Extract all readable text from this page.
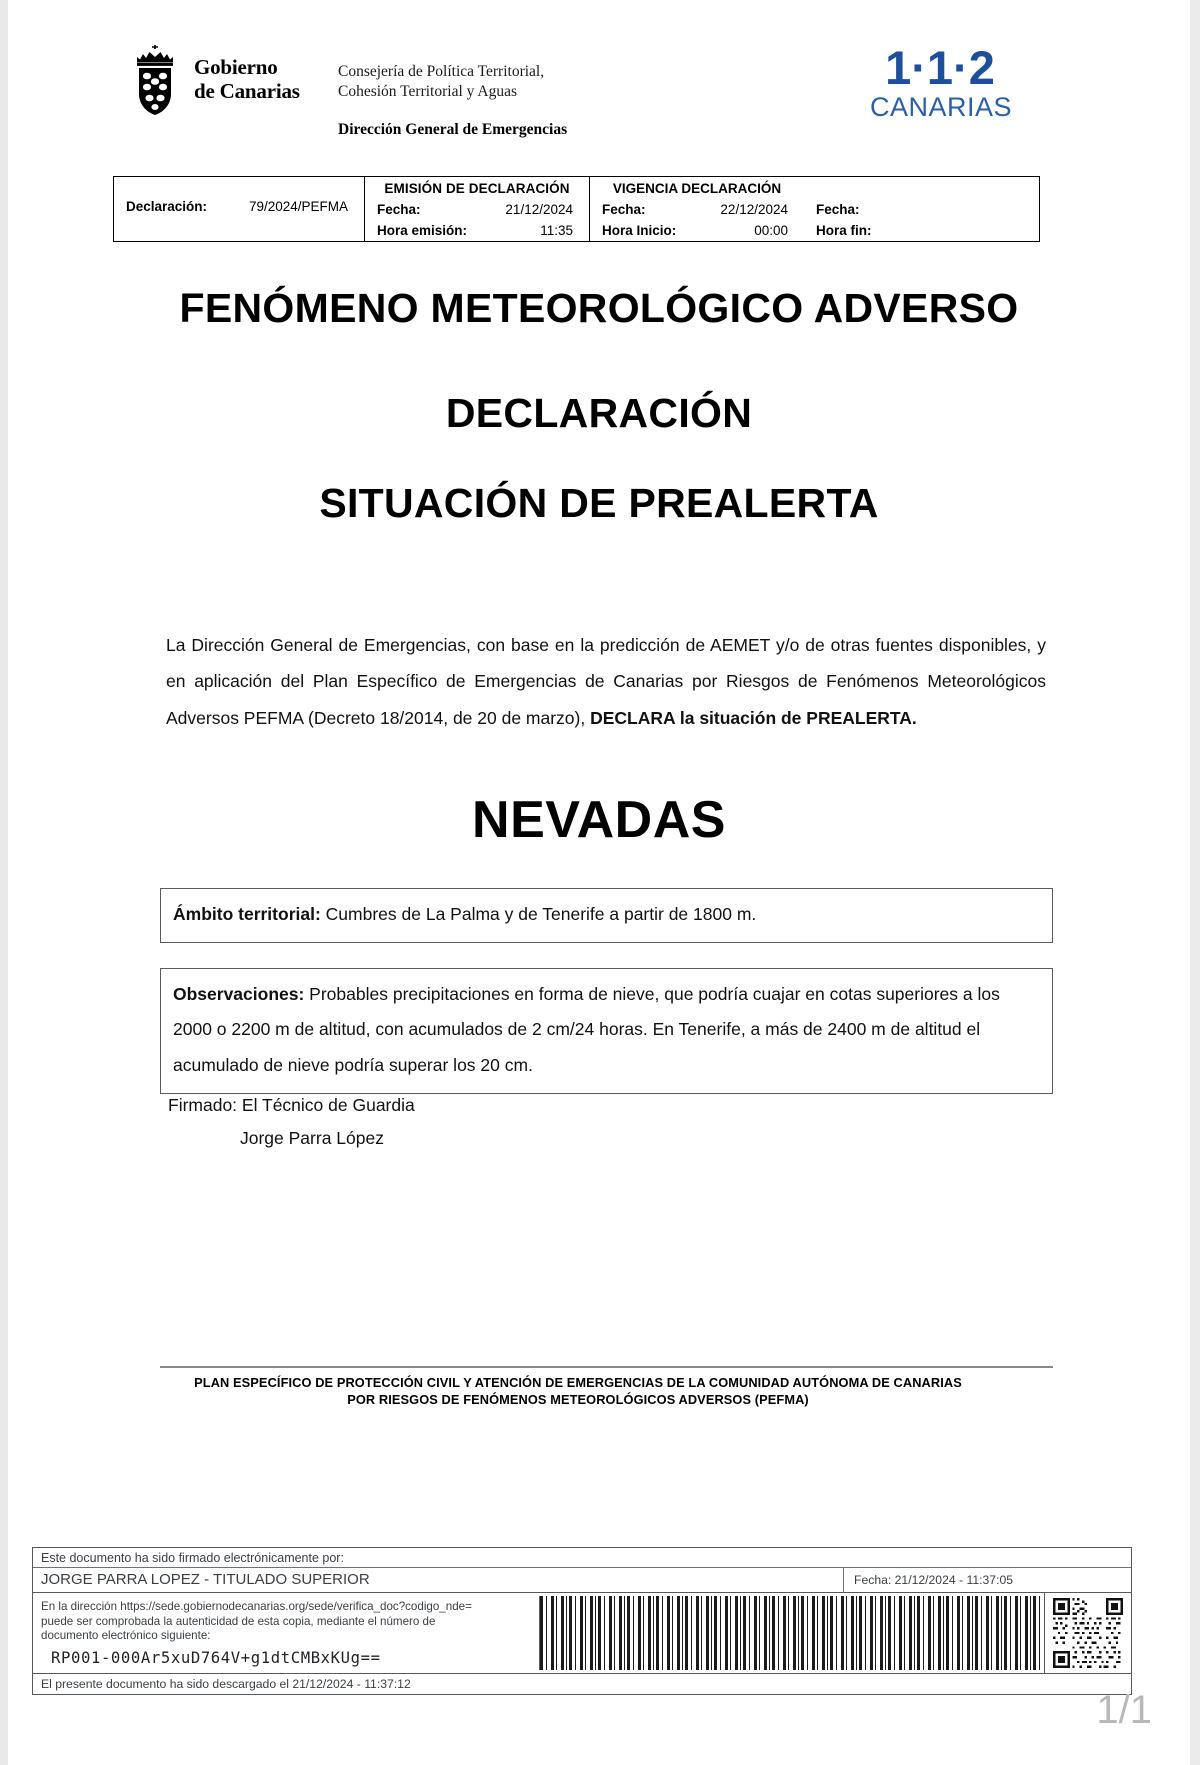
Gobierno
de Canarias
Consejería de Política Territorial,
Cohesión Territorial y Aguas
Dirección General de Emergencias
1·1·2
CANARIAS
Declaración:	79/2024/PEFMA
EMISIÓN DE DECLARACIÓN
Fecha:	21/12/2024
Hora emisión:	11:35
VIGENCIA DECLARACIÓN
Fecha:	22/12/2024
Hora Inicio:	00:00

Fecha:
Hora fin:
FENÓMENO METEOROLÓGICO ADVERSO
DECLARACIÓN
SITUACIÓN DE PREALERTA
La Dirección General de Emergencias, con base en la predicción de AEMET y/o de otras fuentes disponibles, y en aplicación del Plan Específico de Emergencias de Canarias por Riesgos de Fenómenos Meteorológicos Adversos PEFMA (Decreto 18/2014, de 20 de marzo), DECLARA la situación de PREALERTA.
NEVADAS
Ámbito territorial: Cumbres de La Palma y de Tenerife a partir de 1800 m.
Observaciones: Probables precipitaciones en forma de nieve, que podría cuajar en cotas superiores a los 2000 o 2200 m de altitud, con acumulados de 2 cm/24 horas. En Tenerife, a más de 2400 m de altitud el acumulado de nieve podría superar los 20 cm.
Firmado: El Técnico de Guardia
Jorge Parra López
PLAN ESPECÍFICO DE PROTECCIÓN CIVIL Y ATENCIÓN DE EMERGENCIAS DE LA COMUNIDAD AUTÓNOMA DE CANARIAS
POR RIESGOS DE FENÓMENOS METEOROLÓGICOS ADVERSOS (PEFMA)
Este documento ha sido firmado electrónicamente por:
JORGE PARRA LOPEZ - TITULADO SUPERIOR	Fecha: 21/12/2024 - 11:37:05
En la dirección https://sede.gobiernodecanarias.org/sede/verifica_doc?codigo_nde=
puede ser comprobada la autenticidad de esta copia, mediante el número de
documento electrónico siguiente:
RP001-000Ar5xuD764V+g1dtCMBxKUg==
El presente documento ha sido descargado el 21/12/2024 - 11:37:12
1/1
